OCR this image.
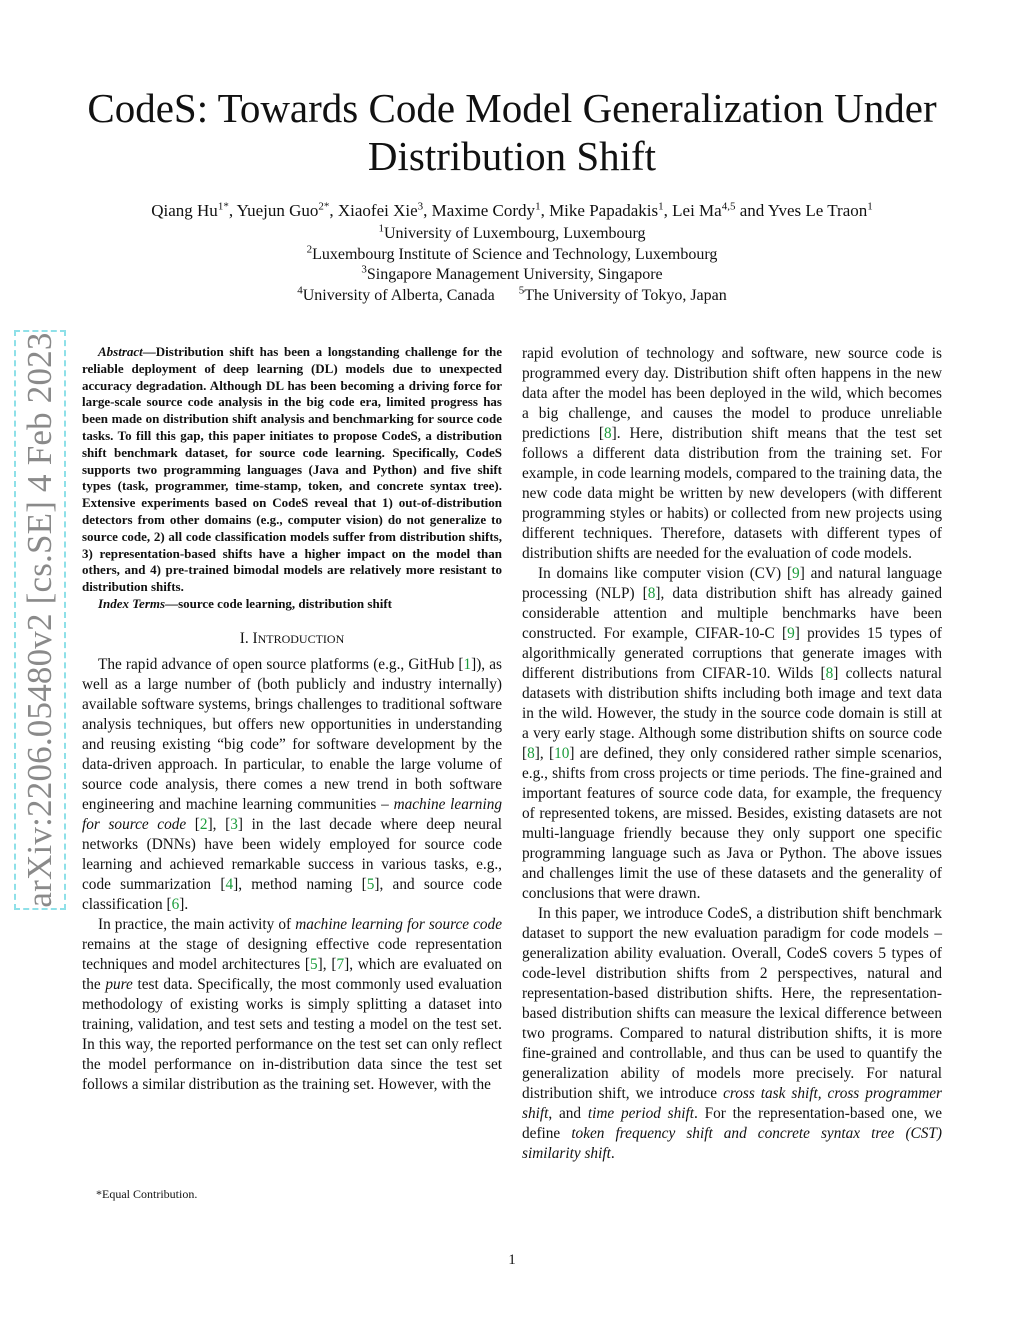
arXiv:2206.05480v2 [cs.SE] 4 Feb 2023
CodeS: Towards Code Model Generalization Under
Distribution Shift
Qiang $Hu^{1*}$, Yuejun Guo$^{2*}$, Xiaofei Xie$^3$, Maxime Cordy$^1$, Mike Papadakis$^1$, Lei Ma$^{4,5}$ and Yves Le Traon$^1$
$^1$University of Luxembourg, Luxembourg
$^2$Luxembourg Institute of Science and Technology, Luxembourg
$^3$Singapore Management University, Singapore
$^4$University of Alberta, Canada $^5$The University of Tokyo, Japan

Abstract—Distribution shift has been a longstanding challenge for the reliable deployment of deep learning (DL) models due to unexpected accuracy degradation. Although DL has been becoming a driving force for large-scale source code analysis in the big code era, limited progress has been made on distribution shift analysis and benchmarking for source code tasks. To fill this gap, this paper initiates to propose CodeS, a distribution shift benchmark dataset, for source code learning. Specifically, CodeS supports two programming languages (Java and Python) and five shift types (task, programmer, time-stamp, token, and concrete syntax tree). Extensive experiments based on CodeS reveal that 1) out-of-distribution detectors from other domains (e.g., computer vision) do not generalize to source code, 2) all code classification models suffer from distribution shifts, 3) representation-based shifts have a higher impact on the model than others, and 4) pre-trained bimodal models are relatively more resistant to distribution shifts.

Index Terms—source code learning, distribution shift

I. INTRODUCTION

The rapid advance of open source platforms (e.g., GitHub [1]), as well as a large number of (both publicly and industry internally) available software systems, brings challenges to traditional software analysis techniques, but offers new opportunities in understanding and reusing existing “big code” for software development by the data-driven approach. In particular, to enable the large volume of source code analysis, there comes a new trend in both software engineering and machine learning communities – machine learning for source code [2], [3] in the last decade where deep neural networks (DNNs) have been widely employed for source code learning and achieved remarkable success in various tasks, e.g., code summarization [4], method naming [5], and source code classification [6].

In practice, the main activity of machine learning for source code remains at the stage of designing effective code representation techniques and model architectures [5], [7], which are evaluated on the pure test data. Specifically, the most commonly used evaluation methodology of existing works is simply splitting a dataset into training, validation, and test sets and testing a model on the test set. In this way, the reported performance on the test set can only reflect the model performance on in-distribution data since the test set follows a similar distribution as the training set. However, with the

*Equal Contribution.

rapid evolution of technology and software, new source code is programmed every day. Distribution shift often happens in the new data after the model has been deployed in the wild, which becomes a big challenge, and causes the model to produce unreliable predictions [8]. Here, distribution shift means that the test set follows a different data distribution from the training set. For example, in code learning models, compared to the training data, the new code data might be written by new developers (with different programming styles or habits) or collected from new projects using different techniques. Therefore, datasets with different types of distribution shifts are needed for the evaluation of code models.

In domains like computer vision (CV) [9] and natural language processing (NLP) [8], data distribution shift has already gained considerable attention and multiple benchmarks have been constructed. For example, CIFAR-10-C [9] provides 15 types of algorithmically generated corruptions that generate images with different distributions from CIFAR-10. Wilds [8] collects natural datasets with distribution shifts including both image and text data in the wild. However, the study in the source code domain is still at a very early stage. Although some distribution shifts on source code [8], [10] are defined, they only considered rather simple scenarios, e.g., shifts from cross projects or time periods. The fine-grained and important features of source code data, for example, the frequency of represented tokens, are missed. Besides, existing datasets are not multi-language friendly because they only support one specific programming language such as Java or Python. The above issues and challenges limit the use of these datasets and the generality of conclusions that were drawn.

In this paper, we introduce CodeS, a distribution shift benchmark dataset to support the new evaluation paradigm for code models – generalization ability evaluation. Overall, CodeS covers 5 types of code-level distribution shifts from 2 perspectives, natural and representation-based distribution shifts. Here, the representation-based distribution shifts can measure the lexical difference between two programs. Compared to natural distribution shifts, it is more fine-grained and controllable, and thus can be used to quantify the generalization ability of models more precisely. For natural distribution shift, we introduce cross task shift, cross programmer shift, and time period shift. For the representation-based one, we define token frequency shift and concrete syntax tree (CST) similarity shift.

1
